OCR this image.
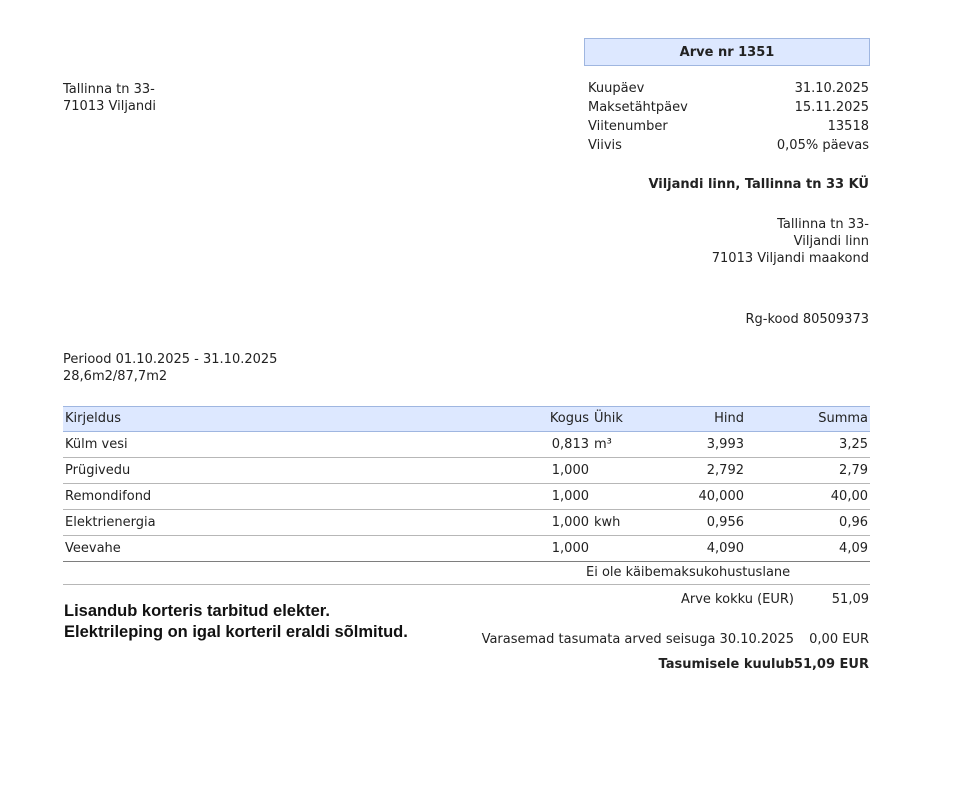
Arve nr 1351
Tallinna tn 33-
71013 Viljandi
Kuupäev	31.10.2025
Maksetähtpäev	15.11.2025
Viitenumber	13518
Viivis	0,05% päevas
Viljandi linn, Tallinna tn 33 KÜ
Tallinna tn 33-
Viljandi linn
71013 Viljandi maakond
Rg-kood 80509373
Periood 01.10.2025 - 31.10.2025
28,6m2/87,7m2
Kirjeldus	Kogus Ühik	Hind	Summa
Külm vesi	0,813 m³	3,993	3,25
Prügivedu	1,000	2,792	2,79
Remondifond	1,000	40,000	40,00
Elektrienergia	1,000 kwh	0,956	0,96
Veevahe	1,000	4,090	4,09
Ei ole käibemaksukohustuslane
Arve kokku (EUR)	51,09
Varasemad tasumata arved seisuga 30.10.2025 0,00 EUR
Tasumisele kuulub 51,09 EUR
Lisandub korteris tarbitud elekter.
Elektrileping on igal korteril eraldi sõlmitud.
